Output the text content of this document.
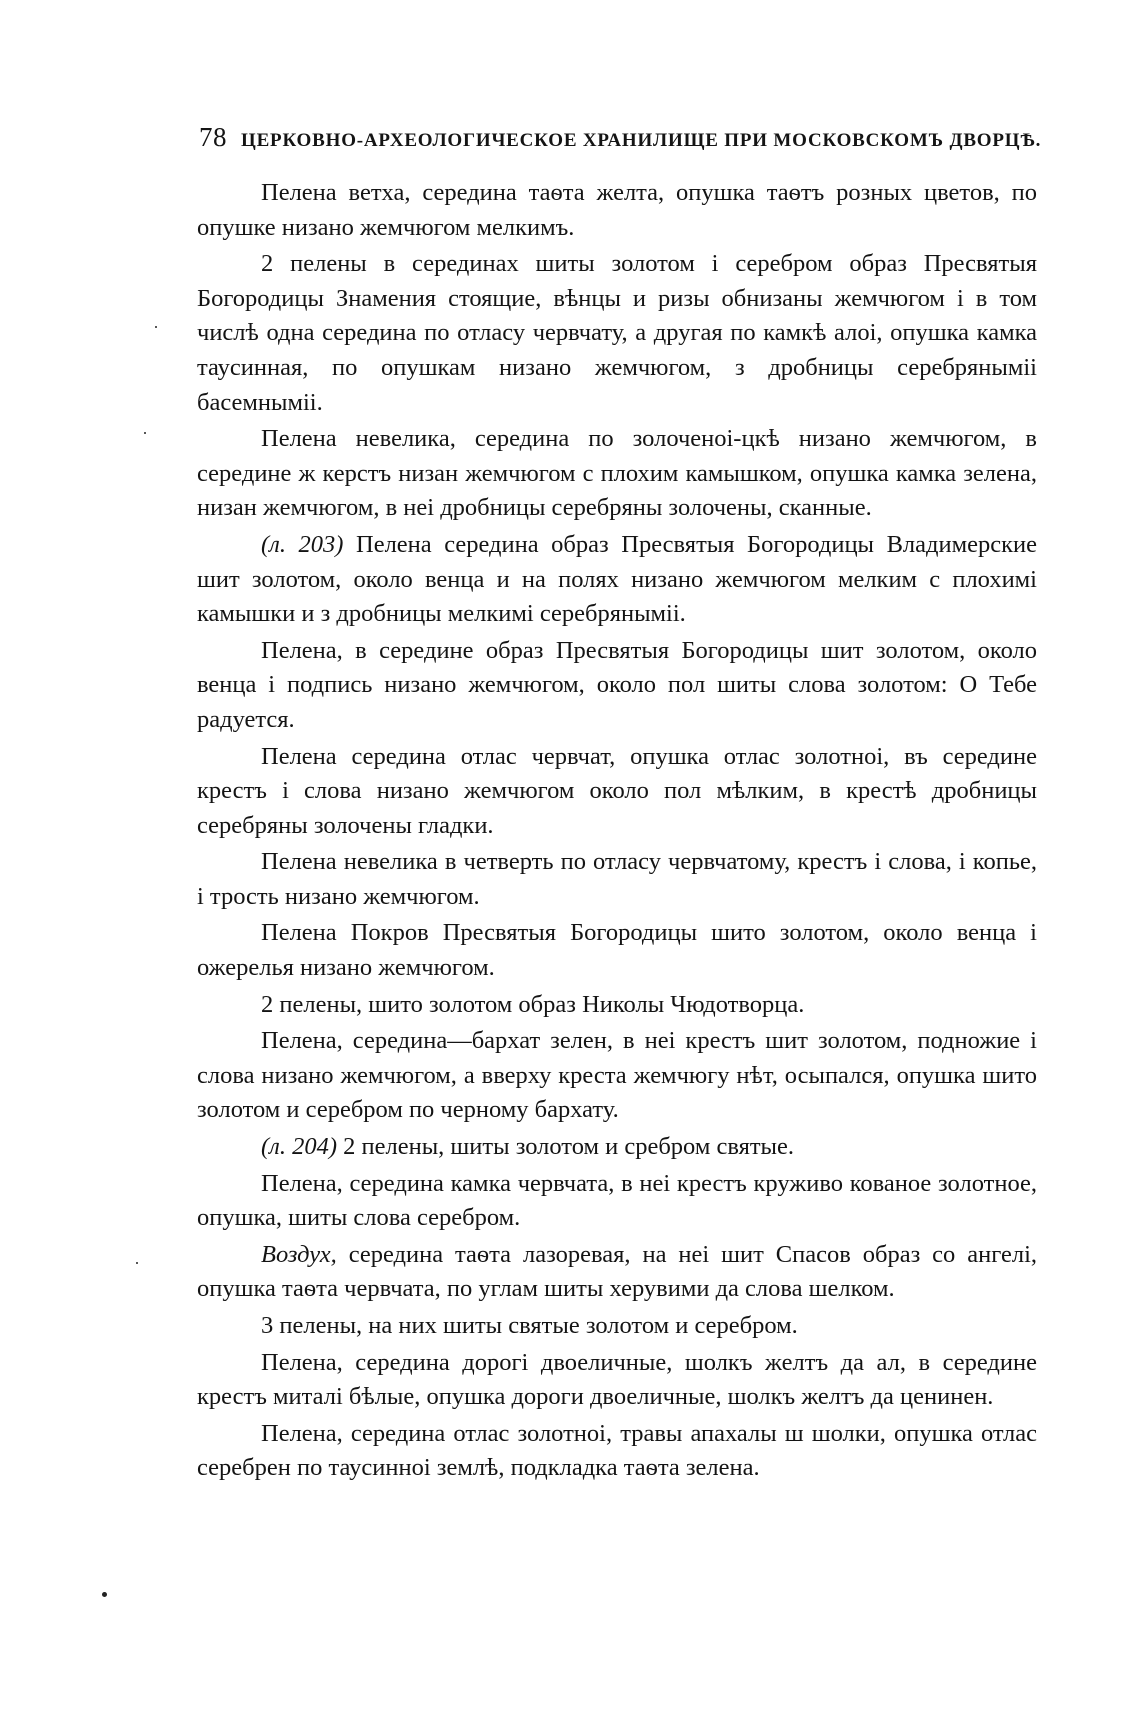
78 ЦЕРКОВНО-АРХЕОЛОГИЧЕСКОЕ ХРАНИЛИЩЕ ПРИ МОСКОВСКОМЪ ДВОРЦѢ.

Пелена ветха, середина таѳта желта, опушка таѳтъ розных цветов, по опушке низано жемчюгом мелкимъ.

2 пелены в серединах шиты золотом і серебром образ Пресвятыя Богородицы Знамения стоящие, вѣнцы и ризы обнизаны жемчюгом і в том числѣ одна середина по отласу червчату, а другая по камкѣ алоі, опушка камка таусинная, по опушкам низано жемчюгом, з дробницы серебряныміі басемныміі.

Пелена невелика, середина по золоченоі-цкѣ низано жемчюгом, в середине ж керстъ низан жемчюгом с плохим камышком, опушка камка зелена, низан жемчюгом, в неі дробницы серебряны золочены, сканные.

(л. 203) Пелена середина образ Пресвятыя Богородицы Владимерские шит золотом, около венца и на полях низано жемчюгом мелким с плохимі камышки и з дробницы мелкимі серебряныміі.

Пелена, в середине образ Пресвятыя Богородицы шит золотом, около венца і подпись низано жемчюгом, около пол шиты слова золотом: О Тебе радуется.

Пелена середина отлас червчат, опушка отлас золотноі, въ середине крестъ і слова низано жемчюгом около пол мѣлким, в крестѣ дробницы серебряны золочены гладки.

Пелена невелика в четверть по отласу червчатому, крестъ і слова, і копье, і трость низано жемчюгом.

Пелена Покров Пресвятыя Богородицы шито золотом, около венца і ожерелья низано жемчюгом.

2 пелены, шито золотом образ Николы Чюдотворца.

Пелена, середина—бархат зелен, в неі крестъ шит золотом, подножие і слова низано жемчюгом, а вверху креста жемчюгу нѣт, осыпался, опушка шито золотом и серебром по черному бархату.

(л. 204) 2 пелены, шиты золотом и сребром святые.

Пелена, середина камка червчата, в неі крестъ круживо кованое золотное, опушка, шиты слова серебром.

Воздух, середина таѳта лазоревая, на неі шит Спасов образ со ангелі, опушка таѳта червчата, по углам шиты херувими да слова шелком.

3 пелены, на них шиты святые золотом и серебром.

Пелена, середина дорогі двоеличные, шолкъ желтъ да ал, в середине крестъ миталі бѣлые, опушка дороги двоеличные, шолкъ желтъ да ценинен.

Пелена, середина отлас золотноі, травы апахалы ш шолки, опушка отлас серебрен по таусинноі землѣ, подкладка таѳта зелена.
